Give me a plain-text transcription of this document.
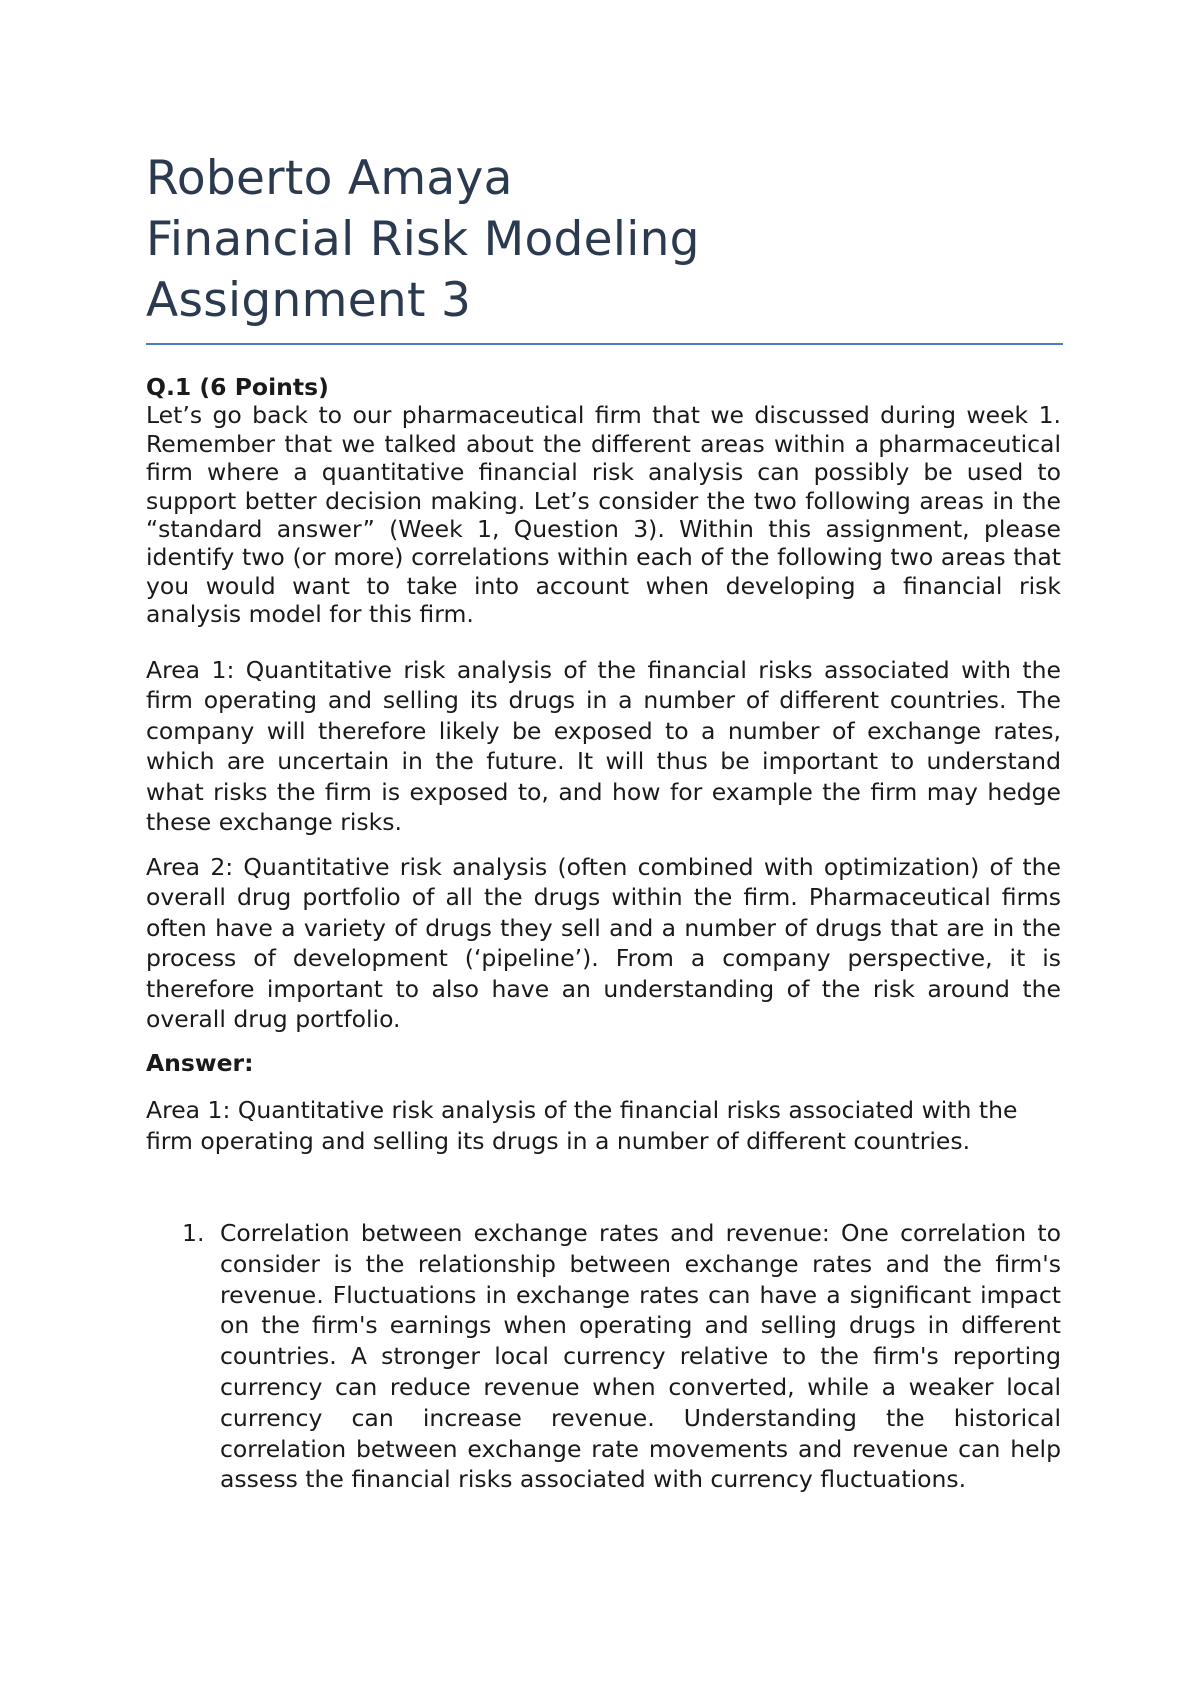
Roberto Amaya
Financial Risk Modeling
Assignment 3
Q.1 (6 Points)

Let’s go back to our pharmaceutical firm that we discussed during week 1. Remember that we talked about the different areas within a pharmaceutical firm where a quantitative financial risk analysis can possibly be used to support better decision making. Let’s consider the two following areas in the “standard answer” (Week 1, Question 3). Within this assignment, please identify two (or more) correlations within each of the following two areas that you would want to take into account when developing a financial risk analysis model for this firm.

Area 1: Quantitative risk analysis of the financial risks associated with the firm operating and selling its drugs in a number of different countries. The company will therefore likely be exposed to a number of exchange rates, which are uncertain in the future. It will thus be important to understand what risks the firm is exposed to, and how for example the firm may hedge these exchange risks.

Area 2: Quantitative risk analysis (often combined with optimization) of the overall drug portfolio of all the drugs within the firm. Pharmaceutical firms often have a variety of drugs they sell and a number of drugs that are in the process of development (‘pipeline’). From a company perspective, it is therefore important to also have an understanding of the risk around the overall drug portfolio.

Answer:

Area 1: Quantitative risk analysis of the financial risks associated with the firm operating and selling its drugs in a number of different countries.

1. Correlation between exchange rates and revenue: One correlation to consider is the relationship between exchange rates and the firm's revenue. Fluctuations in exchange rates can have a significant impact on the firm's earnings when operating and selling drugs in different countries. A stronger local currency relative to the firm's reporting currency can reduce revenue when converted, while a weaker local currency can increase revenue. Understanding the historical correlation between exchange rate movements and revenue can help assess the financial risks associated with currency fluctuations.
